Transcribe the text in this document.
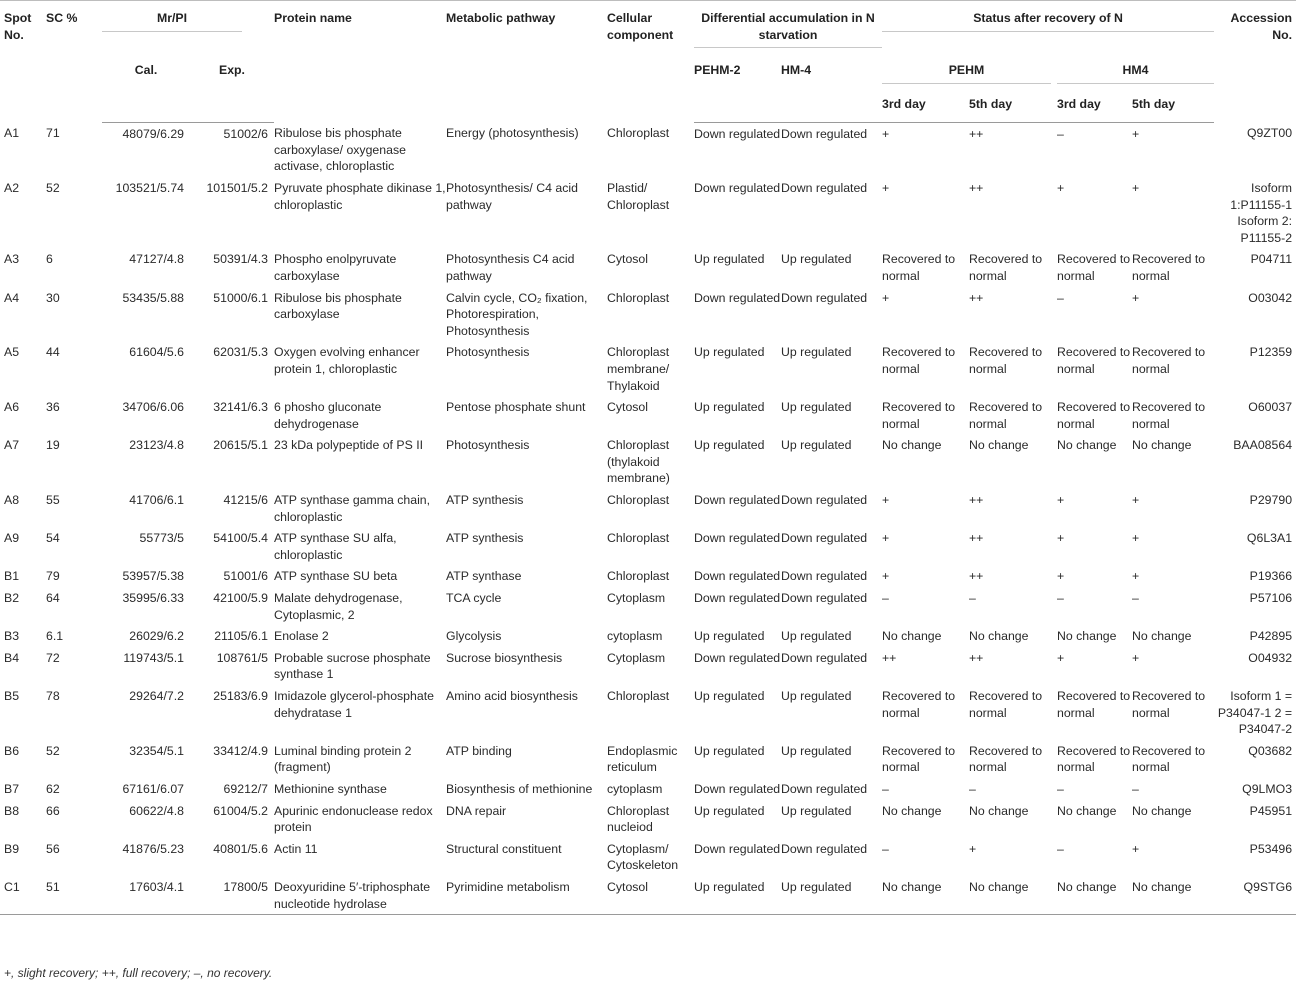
Spot No.	SC %	Mr/PI		Protein name	Metabolic pathway	Cellular component	Differential accumulation in N starvation		Status after recovery of N				Accession No.
		Cal.	Exp.				PEHM-2	HM-4	PEHM		HM4		

									3rd day	5th day	3rd day	5th day	
A1	71	48079/6.29	51002/6	Ribulose bis phosphate carboxylase/ oxygenase activase, chloroplastic	Energy (photosynthesis)	Chloroplast	Down regulated	Down regulated	+	++	–	+	Q9ZT00
A2	52	103521/5.74	101501/5.2	Pyruvate phosphate dikinase 1, chloroplastic	Photosynthesis/ C4 acid pathway	Plastid/ Chloroplast	Down regulated	Down regulated	+	++	+	+	Isoform 1:P11155-1 Isoform 2: P11155-2
A3	6	47127/4.8	50391/4.3	Phospho enolpyruvate carboxylase	Photosynthesis C4 acid pathway	Cytosol	Up regulated	Up regulated	Recovered to normal	Recovered to normal	Recovered to normal	Recovered to normal	P04711
A4	30	53435/5.88	51000/6.1	Ribulose bis phosphate carboxylase	Calvin cycle, CO₂ fixation, Photorespiration, Photosynthesis	Chloroplast	Down regulated	Down regulated	+	++	–	+	O03042
A5	44	61604/5.6	62031/5.3	Oxygen evolving enhancer protein 1, chloroplastic	Photosynthesis	Chloroplast membrane/ Thylakoid	Up regulated	Up regulated	Recovered to normal	Recovered to normal	Recovered to normal	Recovered to normal	P12359
A6	36	34706/6.06	32141/6.3	6 phosho gluconate dehydrogenase	Pentose phosphate shunt	Cytosol	Up regulated	Up regulated	Recovered to normal	Recovered to normal	Recovered to normal	Recovered to normal	O60037
A7	19	23123/4.8	20615/5.1	23 kDa polypeptide of PS II	Photosynthesis	Chloroplast (thylakoid membrane)	Up regulated	Up regulated	No change	No change	No change	No change	BAA08564
A8	55	41706/6.1	41215/6	ATP synthase gamma chain, chloroplastic	ATP synthesis	Chloroplast	Down regulated	Down regulated	+	++	+	+	P29790
A9	54	55773/5	54100/5.4	ATP synthase SU alfa, chloroplastic	ATP synthesis	Chloroplast	Down regulated	Down regulated	+	++	+	+	Q6L3A1
B1	79	53957/5.38	51001/6	ATP synthase SU beta	ATP synthase	Chloroplast	Down regulated	Down regulated	+	++	+	+	P19366
B2	64	35995/6.33	42100/5.9	Malate dehydrogenase, Cytoplasmic, 2	TCA cycle	Cytoplasm	Down regulated	Down regulated	–	–	–	–	P57106
B3	6.1	26029/6.2	21105/6.1	Enolase 2	Glycolysis	cytoplasm	Up regulated	Up regulated	No change	No change	No change	No change	P42895
B4	72	119743/5.1	108761/5	Probable sucrose phosphate synthase 1	Sucrose biosynthesis	Cytoplasm	Down regulated	Down regulated	++	++	+	+	O04932
B5	78	29264/7.2	25183/6.9	Imidazole glycerol-phosphate dehydratase 1	Amino acid biosynthesis	Chloroplast	Up regulated	Up regulated	Recovered to normal	Recovered to normal	Recovered to normal	Recovered to normal	Isoform 1 = P34047-1 2 = P34047-2
B6	52	32354/5.1	33412/4.9	Luminal binding protein 2 (fragment)	ATP binding	Endoplasmic reticulum	Up regulated	Up regulated	Recovered to normal	Recovered to normal	Recovered to normal	Recovered to normal	Q03682
B7	62	67161/6.07	69212/7	Methionine synthase	Biosynthesis of methionine	cytoplasm	Down regulated	Down regulated	–	–	–	–	Q9LMO3
B8	66	60622/4.8	61004/5.2	Apurinic endonuclease redox protein	DNA repair	Chloroplast nucleiod	Up regulated	Up regulated	No change	No change	No change	No change	P45951
B9	56	41876/5.23	40801/5.6	Actin 11	Structural constituent	Cytoplasm/ Cytoskeleton	Down regulated	Down regulated	–	+	–	+	P53496
C1	51	17603/4.1	17800/5	Deoxyuridine 5′-triphosphate nucleotide hydrolase	Pyrimidine metabolism	Cytosol	Up regulated	Up regulated	No change	No change	No change	No change	Q9STG6
+, slight recovery; ++, full recovery; –, no recovery.
